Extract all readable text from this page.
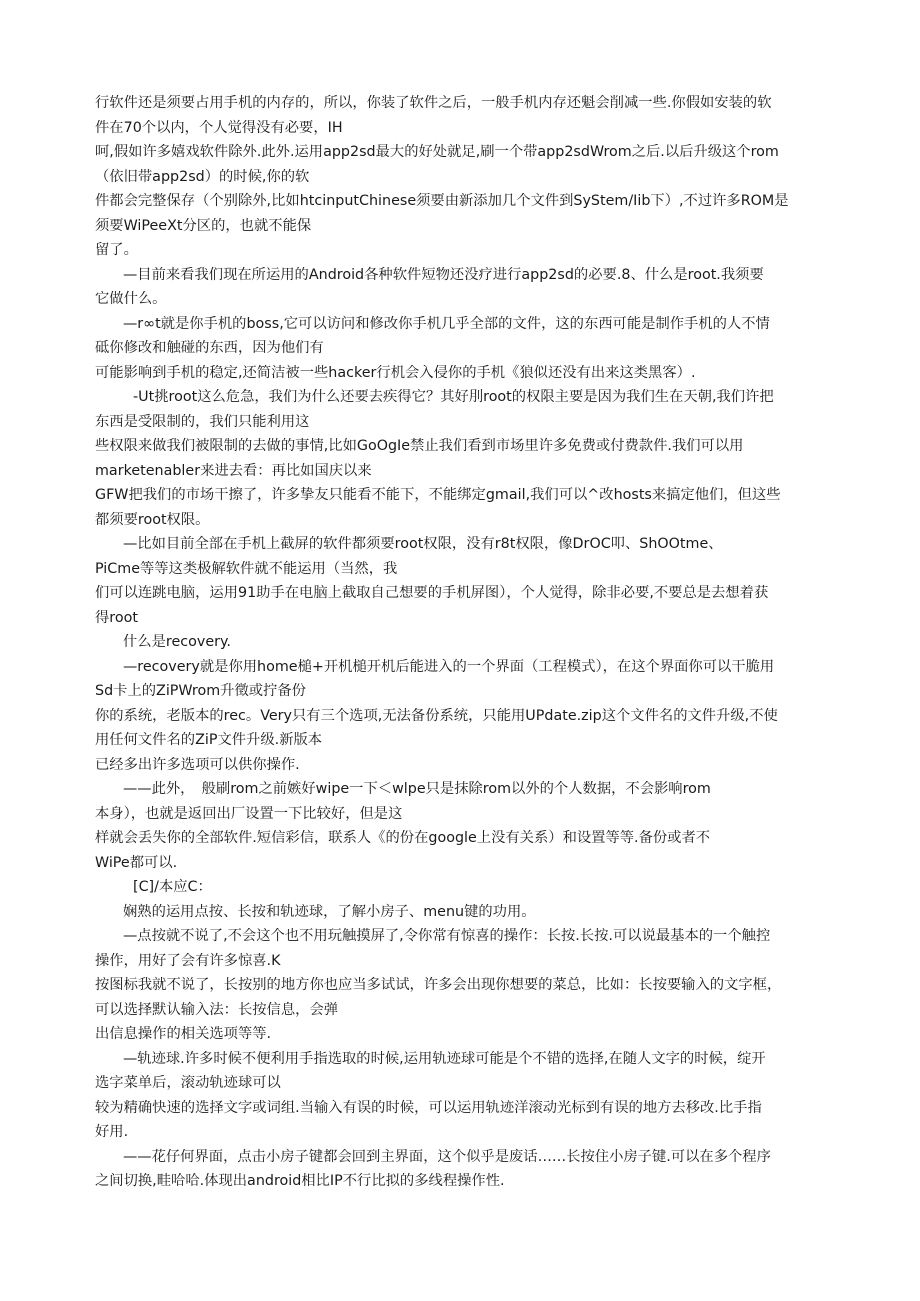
行软件还是须要占用手机的内存的，所以，你装了软件之后，一般手机内存还魁会削减一些.你假如安装的软

件在70个以内，个人觉得没有必要，IH

呵,假如许多嬉戏软件除外.此外.运用app2sd最大的好处就足,刷一个带app2sdWrom之后.以后升级这个rom

（依旧带app2sd）的时候,你的软

件都会完整保存（个别除外,比如htcinputChinese须要由新添加几个文件到SyStem/Iib下）,不过许多ROM是

须要WiPeeXt分区的，也就不能保

留了。

—目前来看我们现在所运用的Android各种软件短物还没疗进行app2sd的必要.8、什么是root.我须要

它做什么。

—r∞t就是你手机的boss,它可以访问和修改你手机几乎全部的文件，这的东西可能是制作手机的人不情

砥你修改和触碰的东西，因为他们有

可能影响到手机的稳定,还简洁被一些hacker行机会入侵你的手机《狼似还没有出来这类黑客）.

-Ut挑root这么危急，我们为什么还要去疾得它？其好刖root的权限主要是因为我们生在天朝,我们许把

东西是受限制的，我们只能利用这

些权限来做我们被限制的去做的事情,比如GoOgIe禁止我们看到市场里许多免费或付费款件.我们可以用

marketenabler来进去看：再比如国庆以来

GFW把我们的市场干擦了，许多挚友只能看不能下，不能绑定gmail,我们可以^改hosts来搞定他们，但这些

都须要root权限。

—比如目前全部在手机上截屏的软件都须要root权限，没有r8t权限，像DrOC叩、ShOOtme、

PiCme等等这类极解软件就不能运用（当然，我

们可以连跳电脑，运用91助手在电脑上截取自己想要的手机屏图），个人觉得，除非必要,不要总是去想着获

得root

什么是recovery.

—recovery就是你用home槌+开机槌开机后能进入的一个界面（工程模式），在这个界面你可以干脆用

Sd卡上的ZiPWrom升徵或拧备份

你的系统，老版本的rec。Very只有三个选项,无法备份系统，只能用UPdate.zip这个文件名的文件升级,不使

用任何文件名的ZiP文件升级.新版本

已经多出许多选项可以供你操作.

——此外，　般刷rom之前嫉好wipe一下＜wlpe只是抹除rom以外的个人数据，不会影响rom

本身），也就是返回出厂设置一下比较好，但是这

样就会丢失你的全部软件.短信彩信，联系人《的份在google上没有关系）和设置等等.备份或者不

WiPe都可以.

[C]/本应C：

娴熟的运用点按、长按和轨迹球，了解小房子、menu键的功用。

—点按就不说了,不会这个也不用玩触摸屏了,令你常有惊喜的操作：长按.长按.可以说最基本的一个触控

操作，用好了会有许多惊喜.K

按图标我就不说了，长按别的地方你也应当多试试，许多会出现你想要的菜总，比如：长按要输入的文字框，

可以选择默认输入法：长按信息，会弹

出信息操作的相关选项等等.

—轨迹球.许多时候不便利用手指选取的时候,运用轨迹球可能是个不错的选择,在随人文字的时候，绽开

选字菜单后，滚动轨迹球可以

较为精确快速的选择文字或词组.当输入有误的时候，可以运用轨迹洋滚动光标到有误的地方去移改.比手指

好用.

——花仔何界面，点击小房子键都会回到主界面，这个似乎是废话……长按住小房子键.可以在多个程序

之间切换,畦哈哈.体现出android相比IP不行比拟的多线程操作性.
